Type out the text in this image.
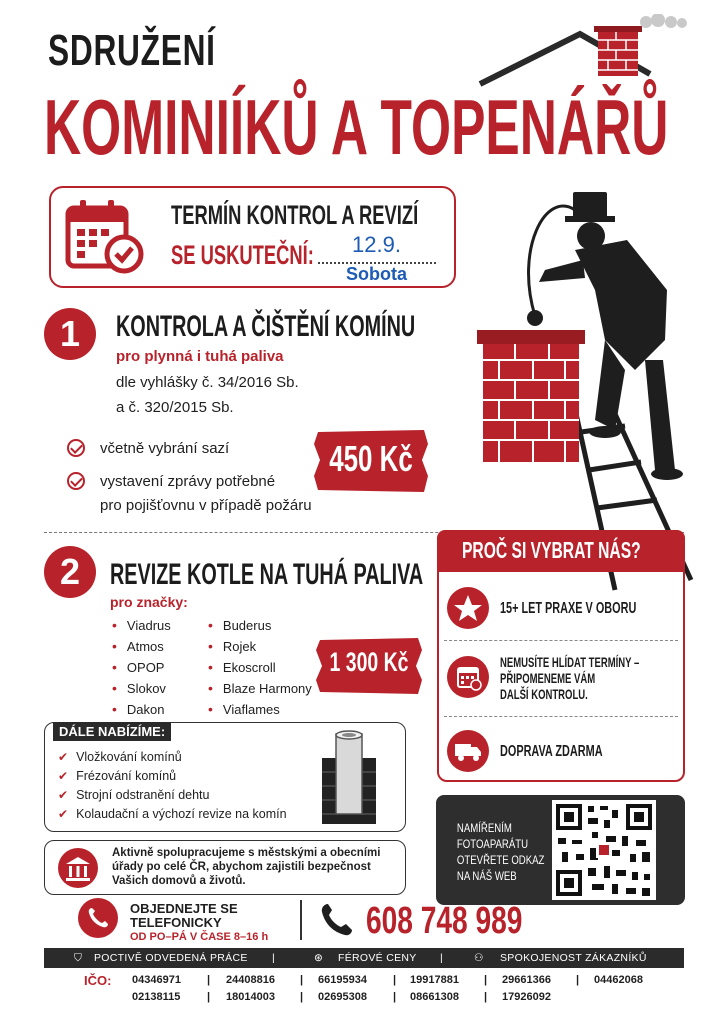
SDRUŽENÍ
KOMINIÍKŮ A TOPENÁŘŮ
TERMÍN KONTROL A REVIZÍ
SE USKUTEČNÍ:	12.9.
Sobota
1	KONTROLA A ČIŠTĚNÍ KOMÍNU
pro plynná i tuhá paliva
dle vyhlášky č. 34/2016 Sb.
a č. 320/2015 Sb.
včetně vybrání sazí
vystavení zprávy potřebné
pro pojišťovnu v případě požáru
450 Kč
2 REVIZE KOTLE NA TUHÁ PALIVA
pro značky:
• Viadrus
• Atmos
• OPOP
• Slokov
• Dakon
• Buderus
• Rojek
• Ekoscroll
• Blaze Harmony
• Viaflames
1 300 Kč
PROČ SI VYBRAT NÁS?
15+ LET PRAXE V OBORU
NEMUSÍTE HLÍDAT TERMÍNY –
PŘIPOMENEME VÁM
DALŠÍ KONTROLU.
DOPRAVA ZDARMA
DÁLE NABÍZÍME:
✔ Vložkování komínů
✔ Frézování komínů
✔ Strojní odstranění dehtu
✔ Kolaudační a výchozí revize na komín
Aktivně spolupracujeme s městskými a obecními
úřady po celé ČR, abychom zajistili bezpečnost
Vašich domovů a životů.
NAMÍŘENÍM
FOTOAPARÁTU
OTEVŘETE ODKAZ
NA NÁŠ WEB
OBJEDNEJTE SE
TELEFONICKY
OD PO–PÁ V ČASE 8–16 h	608 748 989
⛉ POCTIVĚ ODVEDENÁ PRÁCE |	⊛ FÉROVÉ CENY |	⚇ SPOKOJENOST ZÁKAZNÍKŮ
IČO: 04346971 | 24408816 | 66195934 | 19917881 | 29661366 | 04462068
02138115 | 18014003 | 02695308 | 08661308 | 17926092
